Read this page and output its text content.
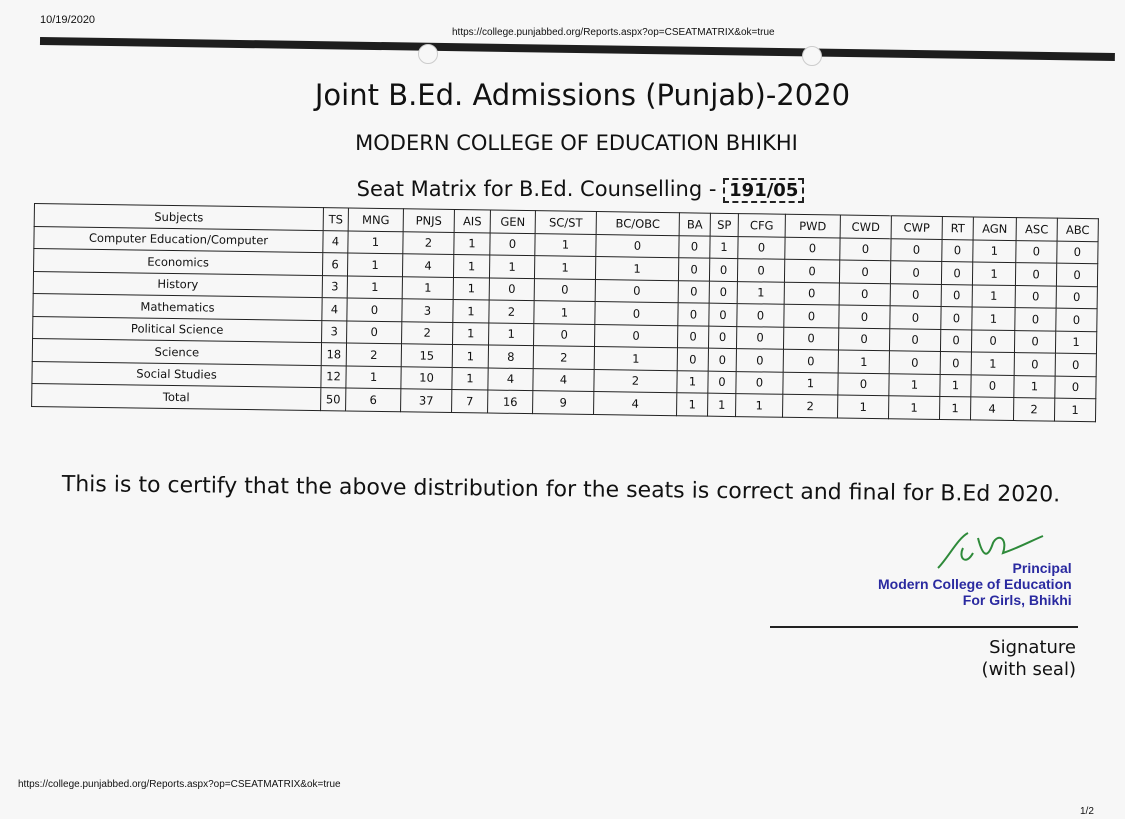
10/19/2020
https://college.punjabbed.org/Reports.aspx?op=CSEATMATRIX&ok=true
Joint B.Ed. Admissions (Punjab)-2020
MODERN COLLEGE OF EDUCATION BHIKHI
Seat Matrix for B.Ed. Counselling - 191/05
Subjects	TS	MNG	PNJS	AIS	GEN	SC/ST	BC/OBC	BA	SP	CFG	PWD	CWD	CWP	RT	AGN	ASC	ABC
Computer Education/Computer	4	1	2	1	0	1	0	0	1	0	0	0	0	0	1	0	0
Economics	6	1	4	1	1	1	1	0	0	0	0	0	0	0	1	0	0
History	3	1	1	1	0	0	0	0	0	1	0	0	0	0	1	0	0
Mathematics	4	0	3	1	2	1	0	0	0	0	0	0	0	0	1	0	0
Political Science	3	0	2	1	1	0	0	0	0	0	0	0	0	0	0	0	1
Science	18	2	15	1	8	2	1	0	0	0	0	1	0	0	1	0	0
Social Studies	12	1	10	1	4	4	2	1	0	0	1	0	1	1	0	1	0
Total	50	6	37	7	16	9	4	1	1	1	2	1	1	1	4	2	1
This is to certify that the above distribution for the seats is correct and final for B.Ed 2020.
Principal
Modern College of Education
For Girls, Bhikhi
Signature
(with seal)
https://college.punjabbed.org/Reports.aspx?op=CSEATMATRIX&ok=true
1/2
